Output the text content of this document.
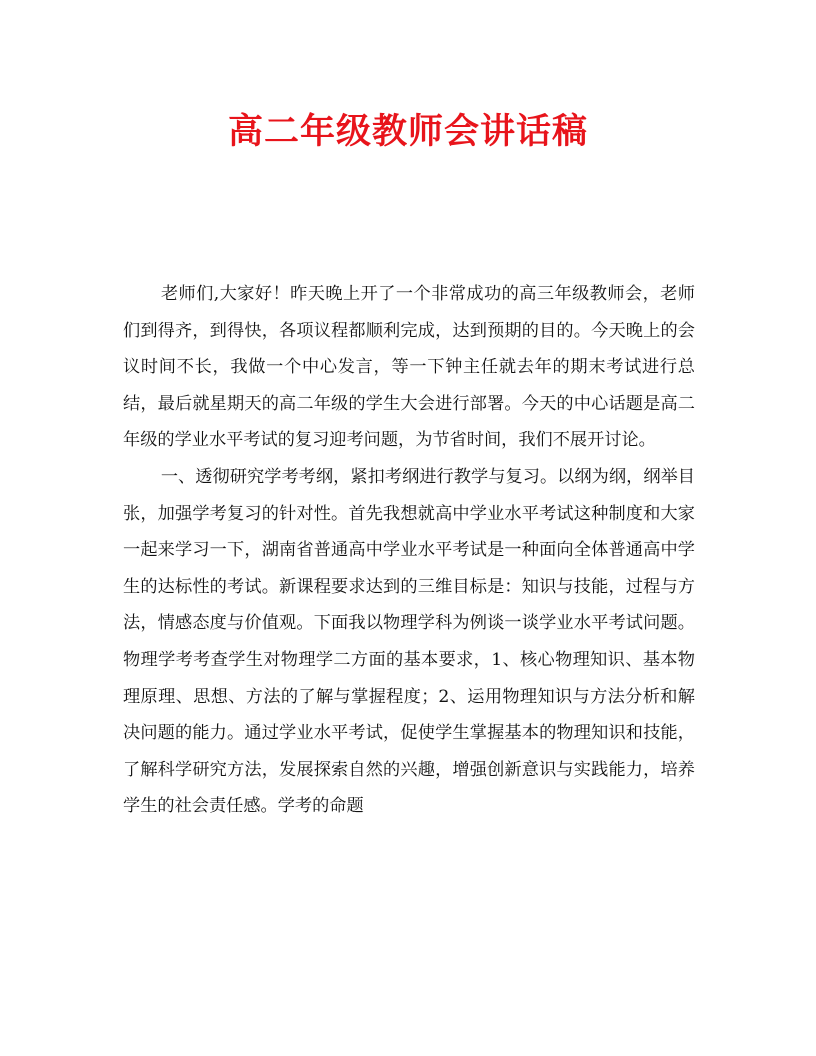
高二年级教师会讲话稿

老师们,大家好！昨天晚上开了一个非常成功的高三年级教师会，老师们到得齐，到得快，各项议程都顺利完成，达到预期的目的。今天晚上的会议时间不长，我做一个中心发言，等一下钟主任就去年的期末考试进行总结，最后就星期天的高二年级的学生大会进行部署。今天的中心话题是高二年级的学业水平考试的复习迎考问题，为节省时间，我们不展开讨论。

一、透彻研究学考考纲，紧扣考纲进行教学与复习。以纲为纲，纲举目张，加强学考复习的针对性。首先我想就高中学业水平考试这种制度和大家一起来学习一下，湖南省普通高中学业水平考试是一种面向全体普通高中学生的达标性的考试。新课程要求达到的三维目标是：知识与技能，过程与方法，情感态度与价值观。下面我以物理学科为例谈一谈学业水平考试问题。物理学考考查学生对物理学二方面的基本要求，1、核心物理知识、基本物理原理、思想、方法的了解与掌握程度；2、运用物理知识与方法分析和解决问题的能力。通过学业水平考试，促使学生掌握基本的物理知识和技能，了解科学研究方法，发展探索自然的兴趣，增强创新意识与实践能力，培养学生的社会责任感。学考的命题
